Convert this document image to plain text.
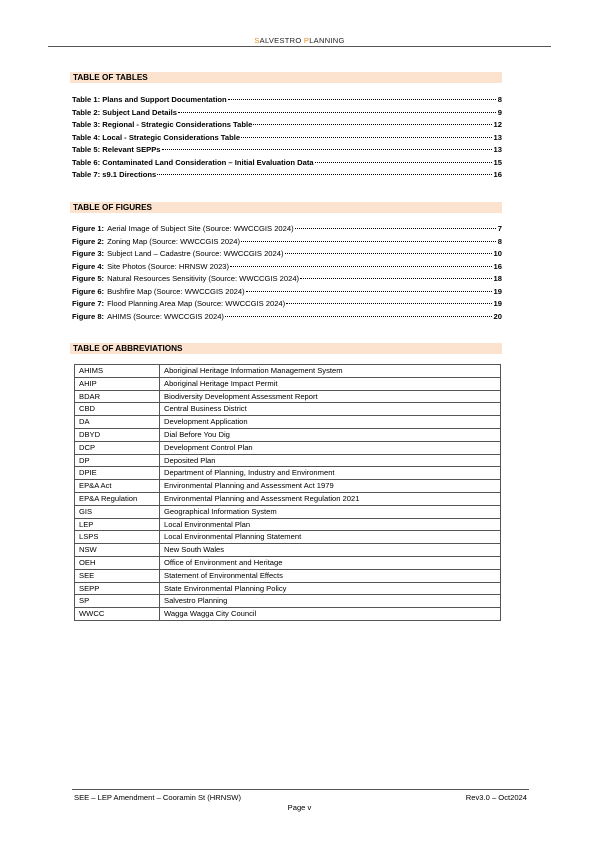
SALVESTRO PLANNING
TABLE OF TABLES
Table 1: Plans and Support Documentation	8
Table 2: Subject Land Details	9
Table 3: Regional - Strategic Considerations Table	12
Table 4: Local - Strategic Considerations Table	13
Table 5: Relevant SEPPs	13
Table 6: Contaminated Land Consideration – Initial Evaluation Data	15
Table 7: s9.1 Directions	16
TABLE OF FIGURES
Figure 1: Aerial Image of Subject Site (Source: WWCCGIS 2024)	7
Figure 2: Zoning Map (Source: WWCCGIS 2024)	8
Figure 3: Subject Land – Cadastre (Source: WWCCGIS 2024)	10
Figure 4: Site Photos (Source: HRNSW 2023)	16
Figure 5: Natural Resources Sensitivity (Source: WWCCGIS 2024)	18
Figure 6: Bushfire Map (Source: WWCCGIS 2024)	19
Figure 7: Flood Planning Area Map (Source: WWCCGIS 2024)	19
Figure 8: AHIMS (Source: WWCCGIS 2024)	20
TABLE OF ABBREVIATIONS
AHIMS	Aboriginal Heritage Information Management System
AHIP	Aboriginal Heritage Impact Permit
BDAR	Biodiversity Development Assessment Report
CBD	Central Business District
DA	Development Application
DBYD	Dial Before You Dig
DCP	Development Control Plan
DP	Deposited Plan
DPIE	Department of Planning, Industry and Environment
EP&A Act	Environmental Planning and Assessment Act 1979
EP&A Regulation	Environmental Planning and Assessment Regulation 2021
GIS	Geographical Information System
LEP	Local Environmental Plan
LSPS	Local Environmental Planning Statement
NSW	New South Wales
OEH	Office of Environment and Heritage
SEE	Statement of Environmental Effects
SEPP	State Environmental Planning Policy
SP	Salvestro Planning
WWCC	Wagga Wagga City Council
SEE – LEP Amendment – Cooramin St (HRNSW)	Rev3.0 – Oct2024
Page v
